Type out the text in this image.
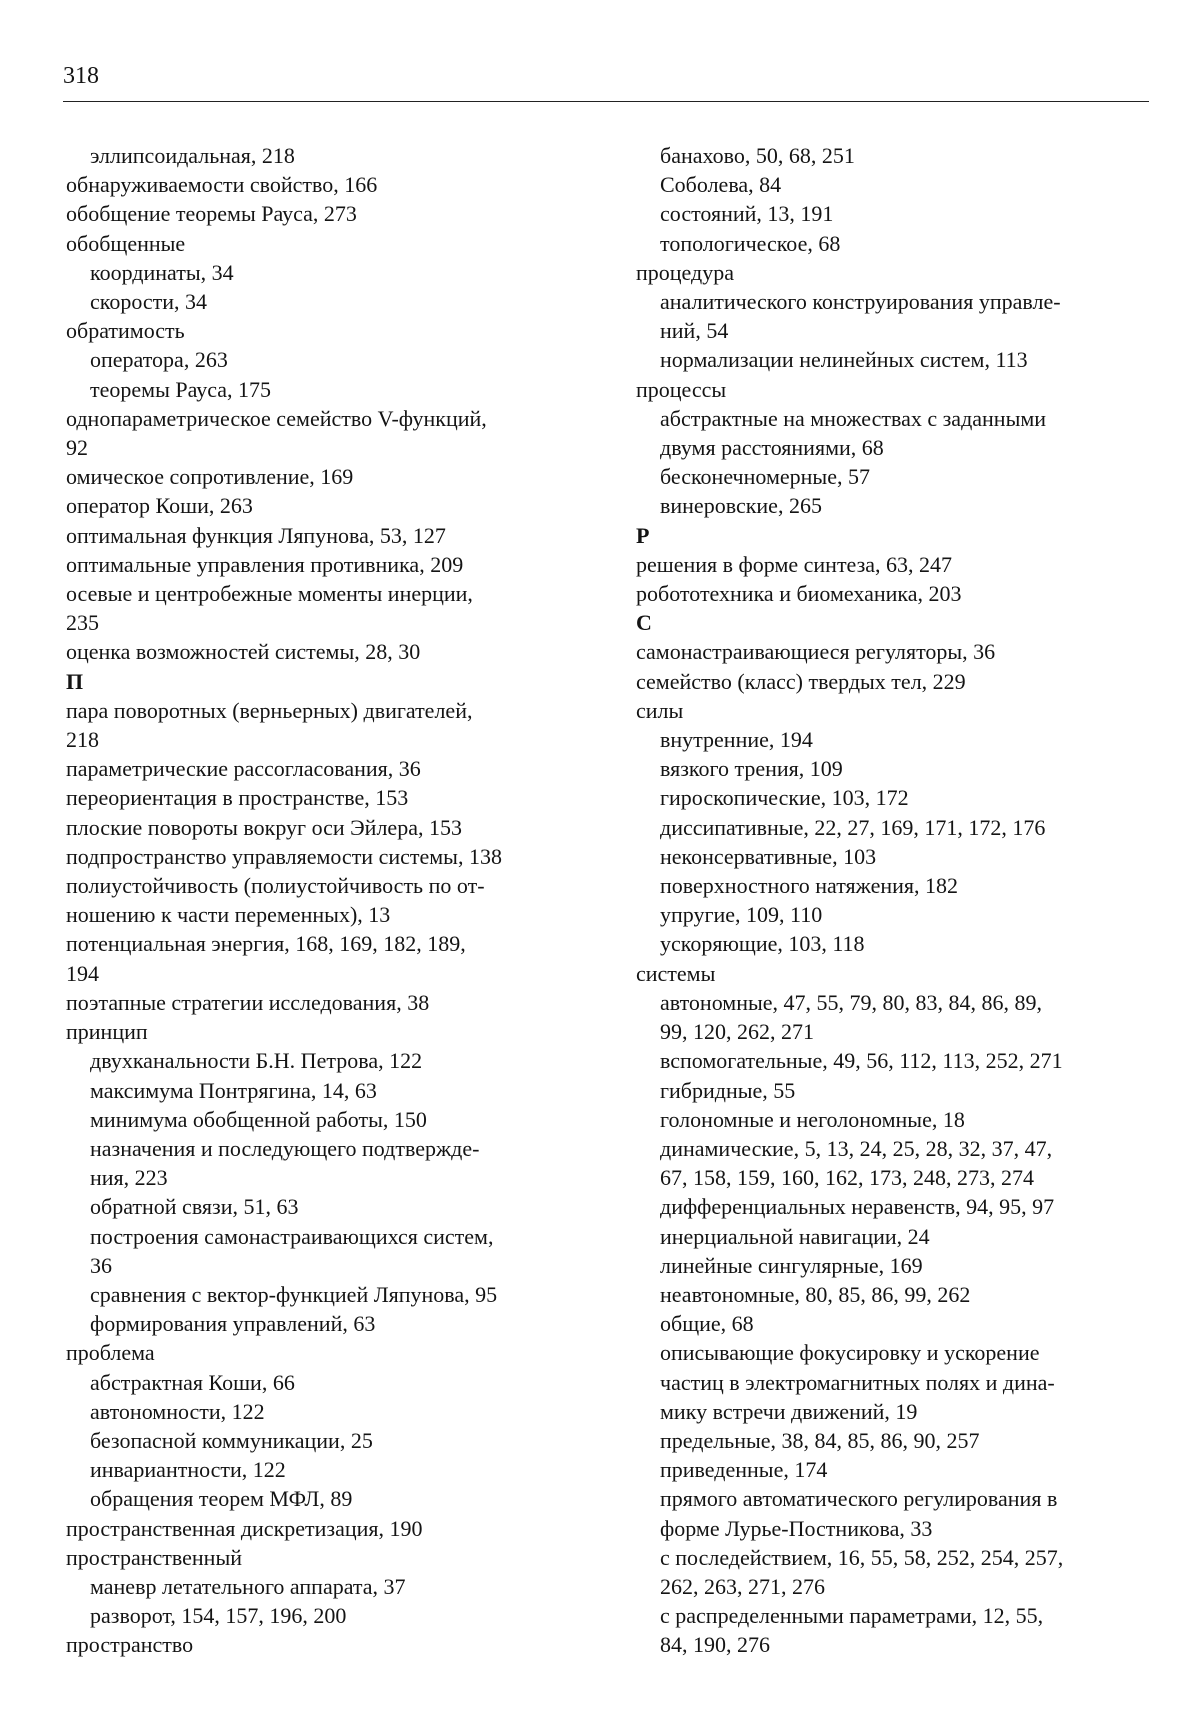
318
эллипсоидальная, 218
обнаруживаемости свойство, 166
обобщение теоремы Рауса, 273
обобщенные
координаты, 34
скорости, 34
обратимость
оператора, 263
теоремы Рауса, 175
однопараметрическое семейство V-функций,
92
омическое сопротивление, 169
оператор Коши, 263
оптимальная функция Ляпунова, 53, 127
оптимальные управления противника, 209
осевые и центробежные моменты инерции,
235
оценка возможностей системы, 28, 30
П
пара поворотных (верньерных) двигателей,
218
параметрические рассогласования, 36
переориентация в пространстве, 153
плоские повороты вокруг оси Эйлера, 153
подпространство управляемости системы, 138
полиустойчивость (полиустойчивость по от-
ношению к части переменных), 13
потенциальная энергия, 168, 169, 182, 189,
194
поэтапные стратегии исследования, 38
принцип
двухканальности Б.Н. Петрова, 122
максимума Понтрягина, 14, 63
минимума обобщенной работы, 150
назначения и последующего подтвержде-
ния, 223
обратной связи, 51, 63
построения самонастраивающихся систем,
36
сравнения с вектор-функцией Ляпунова, 95
формирования управлений, 63
проблема
абстрактная Коши, 66
автономности, 122
безопасной коммуникации, 25
инвариантности, 122
обращения теорем МФЛ, 89
пространственная дискретизация, 190
пространственный
маневр летательного аппарата, 37
разворот, 154, 157, 196, 200
пространство
банахово, 50, 68, 251
Соболева, 84
состояний, 13, 191
топологическое, 68
процедура
аналитического конструирования управле-
ний, 54
нормализации нелинейных систем, 113
процессы
абстрактные на множествах с заданными
двумя расстояниями, 68
бесконечномерные, 57
винеровские, 265
Р
решения в форме синтеза, 63, 247
робототехника и биомеханика, 203
С
самонастраивающиеся регуляторы, 36
семейство (класс) твердых тел, 229
силы
внутренние, 194
вязкого трения, 109
гироскопические, 103, 172
диссипативные, 22, 27, 169, 171, 172, 176
неконсервативные, 103
поверхностного натяжения, 182
упругие, 109, 110
ускоряющие, 103, 118
системы
автономные, 47, 55, 79, 80, 83, 84, 86, 89,
99, 120, 262, 271
вспомогательные, 49, 56, 112, 113, 252, 271
гибридные, 55
голономные и неголономные, 18
динамические, 5, 13, 24, 25, 28, 32, 37, 47,
67, 158, 159, 160, 162, 173, 248, 273, 274
дифференциальных неравенств, 94, 95, 97
инерциальной навигации, 24
линейные сингулярные, 169
неавтономные, 80, 85, 86, 99, 262
общие, 68
описывающие фокусировку и ускорение
частиц в электромагнитных полях и дина-
мику встречи движений, 19
предельные, 38, 84, 85, 86, 90, 257
приведенные, 174
прямого автоматического регулирования в
форме Лурье-Постникова, 33
с последействием, 16, 55, 58, 252, 254, 257,
262, 263, 271, 276
с распределенными параметрами, 12, 55,
84, 190, 276
